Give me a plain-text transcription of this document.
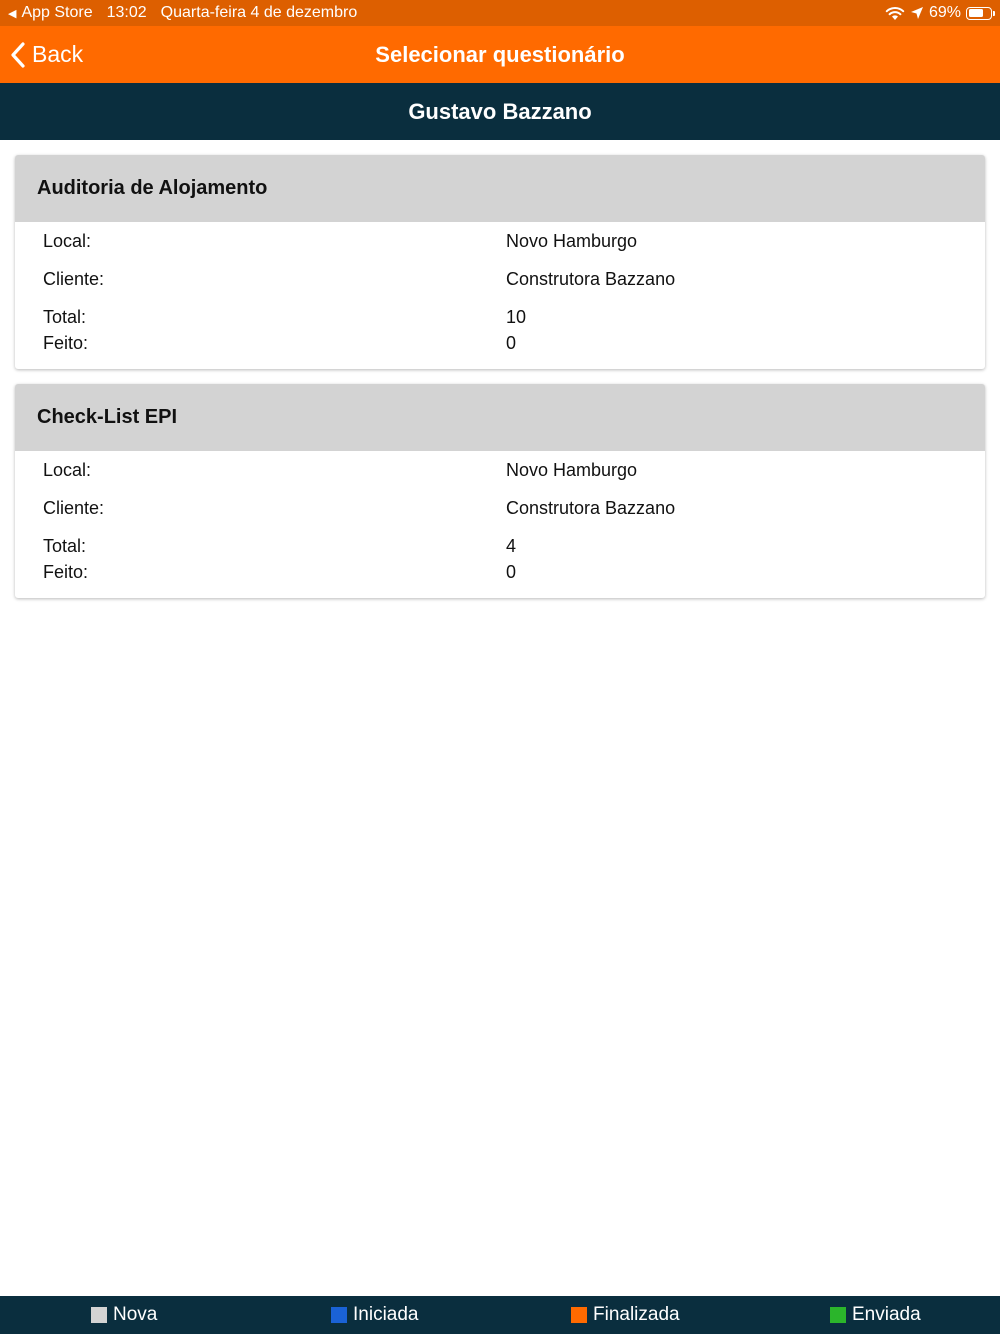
◀ App Store 13:02 Quarta-feira 4 de dezembro	69%
Back	Selecionar questionário
Gustavo Bazzano
Auditoria de Alojamento
Local:	Novo Hamburgo
Cliente:	Construtora Bazzano
Total:	10
Feito:	0
Check-List EPI
Local:	Novo Hamburgo
Cliente:	Construtora Bazzano
Total:	4
Feito:	0
Nova	Iniciada	Finalizada	Enviada
